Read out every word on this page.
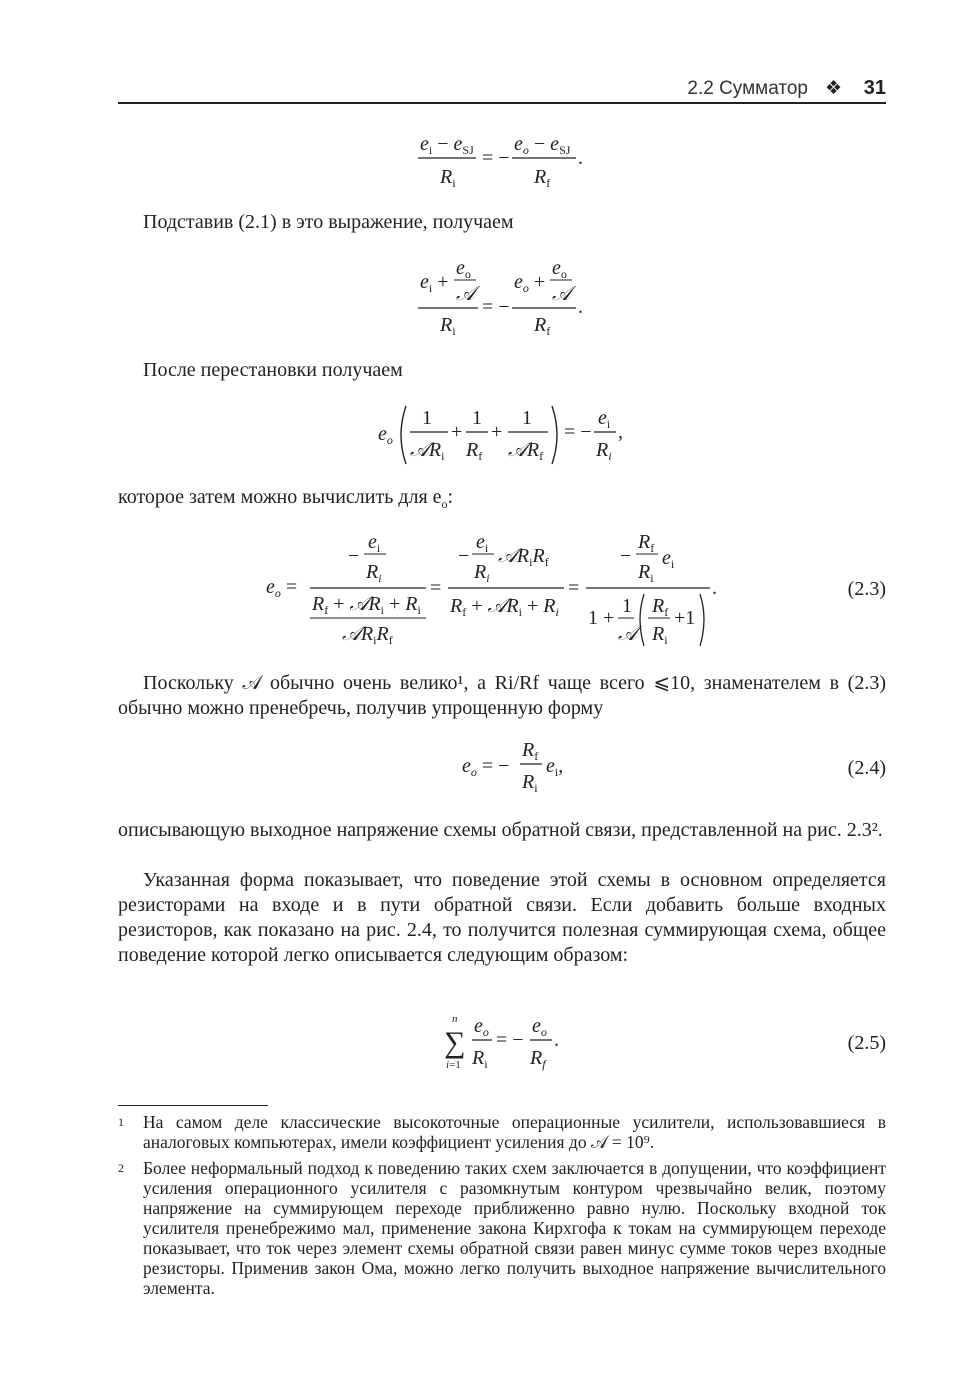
2.2 Сумматор ❖ 31
$e_i - e_{SJ}$
$R_i$
= −
$e_o - e_{SJ}$
$R_f$
.

Подставив (2.1) в это выражение, получаем

$e_i$ +
$e_o$
𝒜
$R_i$
= −
$e_o$ +
$e_o$
𝒜
$R_f$
.

После перестановки получаем

$e_o$
1
𝒜R$_i$
+
1
$R_f$
+
1
𝒜R$_f$
= −
$e_i$
$R_i$
,

которое затем можно вычислить для $e_o$:

$e_o$ =
−
$e_i$
$R_i$
$R_f$ + 𝒜R$_i$ + $R_i$
$𝒜R_iR_f$
=
−
$e_i$
$R_i$
$𝒜R_iR_f$
$R_f$ + 𝒜R$_i$ + $R_i$
=
−
$R_f$
$R_i$
$e_i$
1 +
1
𝒜
$R_f$
$R_i$
+1
.	(2.3)

Поскольку 𝒜 обычно очень велико¹, а Ri/Rf чаще всего ⩽10, знаменателем в (2.3) обычно можно пренебречь, получив упрощенную форму

$e_o$ = −
$R_f$
$R_i$
$e_i$,	(2.4)

описывающую выходное напряжение схемы обратной связи, представленной на рис. 2.3².

Указанная форма показывает, что поведение этой схемы в основном определяется резисторами на входе и в пути обратной связи. Если добавить больше входных резисторов, как показано на рис. 2.4, то получится полезная суммирующая схема, общее поведение которой легко описывается следующим образом:

n
∑
i=1
$e_o$
$R_i$
= −
$e_o$
$R_f$
.	(2.5)
1 На самом деле классические высокоточные операционные усилители, использовавшиеся в аналоговых компьютерах, имели коэффициент усиления до 𝒜 = 10⁹.
2 Более неформальный подход к поведению таких схем заключается в допущении, что коэффициент усиления операционного усилителя с разомкнутым контуром чрезвычайно велик, поэтому напряжение на суммирующем переходе приближенно равно нулю. Поскольку входной ток усилителя пренебрежимо мал, применение закона Кирхгофа к токам на суммирующем переходе показывает, что ток через элемент схемы обратной связи равен минус сумме токов через входные резисторы. Применив закон Ома, можно легко получить выходное напряжение вычислительного элемента.
